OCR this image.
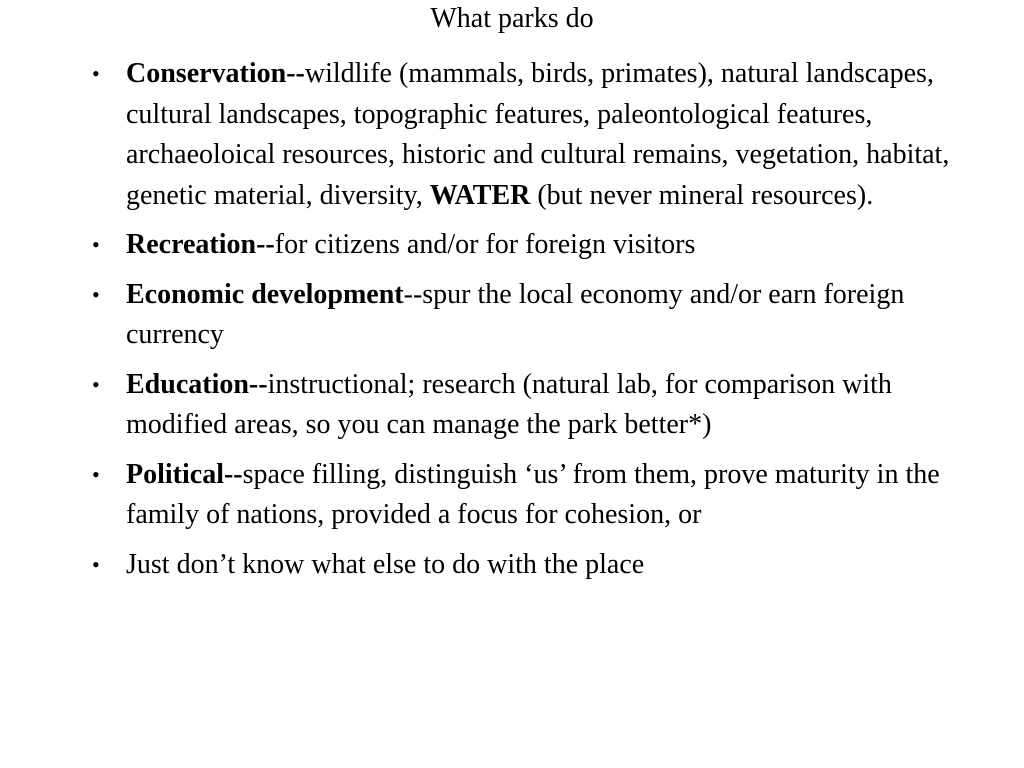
What parks do
• Conservation--wildlife (mammals, birds, primates), natural landscapes, cultural landscapes, topographic features, paleontological features, archaeoloical resources, historic and cultural remains, vegetation, habitat, genetic material, diversity, WATER (but never mineral resources).
• Recreation--for citizens and/or for foreign visitors
• Economic development--spur the local economy and/or earn foreign currency
• Education--instructional; research (natural lab, for comparison with modified areas, so you can manage the park better*)
• Political--space filling, distinguish ‘us’ from them, prove maturity in the family of nations, provided a focus for cohesion, or
• Just don’t know what else to do with the place
